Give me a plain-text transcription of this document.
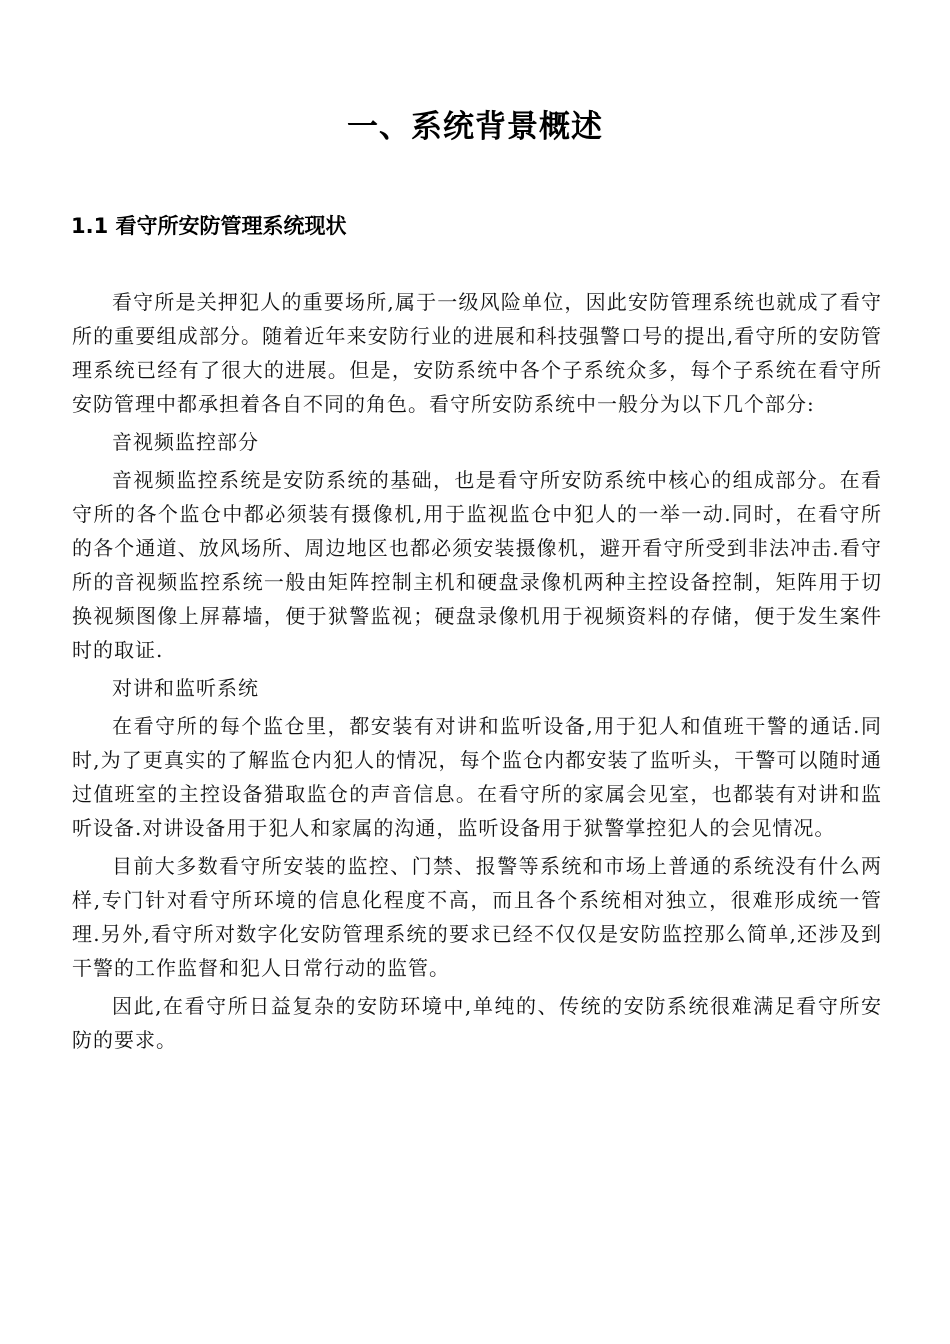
一、系统背景概述
1.1 看守所安防管理系统现状

看守所是关押犯人的重要场所,属于一级风险单位，因此安防管理系统也就成了看守所的重要组成部分。随着近年来安防行业的进展和科技强警口号的提出,看守所的安防管理系统已经有了很大的进展。但是，安防系统中各个子系统众多，每个子系统在看守所安防管理中都承担着各自不同的角色。看守所安防系统中一般分为以下几个部分:

音视频监控部分

音视频监控系统是安防系统的基础，也是看守所安防系统中核心的组成部分。在看守所的各个监仓中都必须装有摄像机,用于监视监仓中犯人的一举一动.同时，在看守所的各个通道、放风场所、周边地区也都必须安装摄像机，避开看守所受到非法冲击.看守所的音视频监控系统一般由矩阵控制主机和硬盘录像机两种主控设备控制，矩阵用于切换视频图像上屏幕墙，便于狱警监视；硬盘录像机用于视频资料的存储，便于发生案件时的取证.

对讲和监听系统

在看守所的每个监仓里，都安装有对讲和监听设备,用于犯人和值班干警的通话.同时,为了更真实的了解监仓内犯人的情况，每个监仓内都安装了监听头，干警可以随时通过值班室的主控设备猎取监仓的声音信息。在看守所的家属会见室，也都装有对讲和监听设备.对讲设备用于犯人和家属的沟通，监听设备用于狱警掌控犯人的会见情况。

目前大多数看守所安装的监控、门禁、报警等系统和市场上普通的系统没有什么两样,专门针对看守所环境的信息化程度不高，而且各个系统相对独立，很难形成统一管理.另外,看守所对数字化安防管理系统的要求已经不仅仅是安防监控那么简单,还涉及到干警的工作监督和犯人日常行动的监管。

因此,在看守所日益复杂的安防环境中,单纯的、传统的安防系统很难满足看守所安防的要求。
